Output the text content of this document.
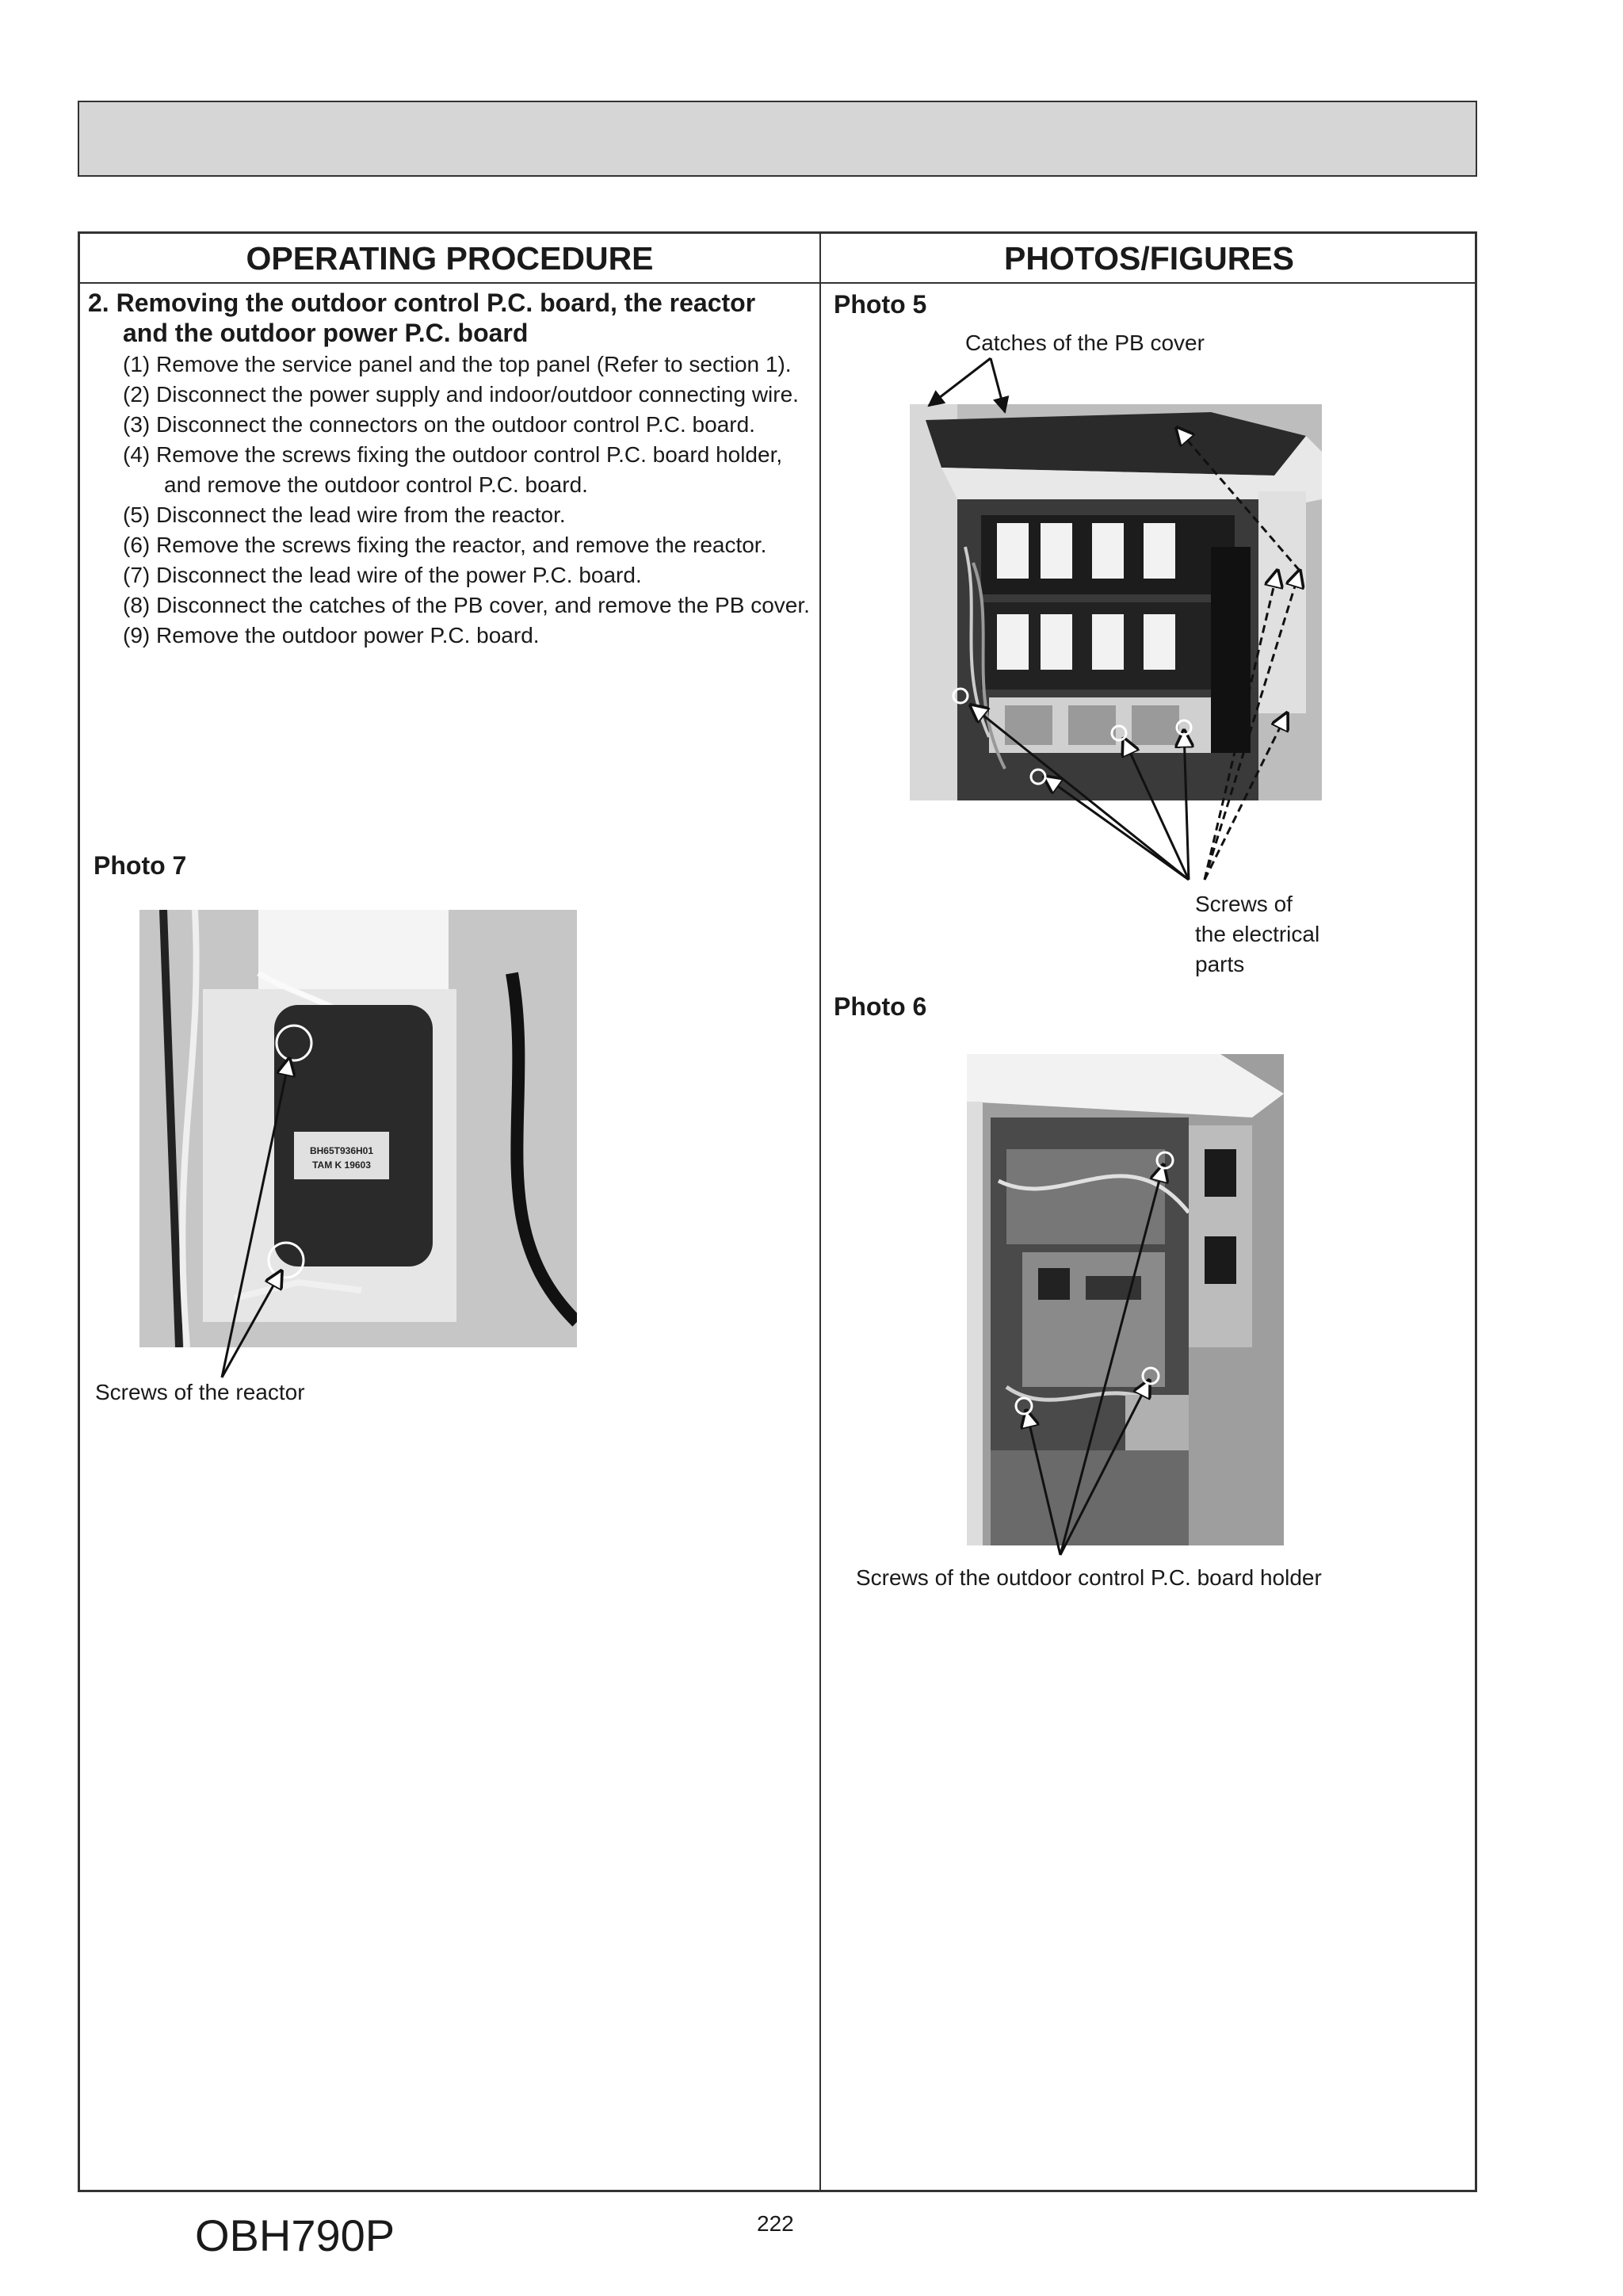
OPERATING PROCEDURE	PHOTOS/FIGURES
2. Removing the outdoor control P.C. board, the reactor
and the outdoor power P.C. board
(1) Remove the service panel and the top panel (Refer to section 1).
(2) Disconnect the power supply and indoor/outdoor connecting wire.
(3) Disconnect the connectors on the outdoor control P.C. board.
(4) Remove the screws fixing the outdoor control P.C. board holder, and remove the outdoor control P.C. board.
(5) Disconnect the lead wire from the reactor.
(6) Remove the screws fixing the reactor, and remove the reactor.
(7) Disconnect the lead wire of the power P.C. board.
(8) Disconnect the catches of the PB cover, and remove the PB cover.
(9) Remove the outdoor power P.C. board.
Photo 5
Catches of the PB cover
Screws of
the electrical
parts
Photo 6
Screws of the outdoor control P.C. board holder
Photo 7
Screws of the reactor
BH65T936H01
TAM K 19603
OBH790P	222
